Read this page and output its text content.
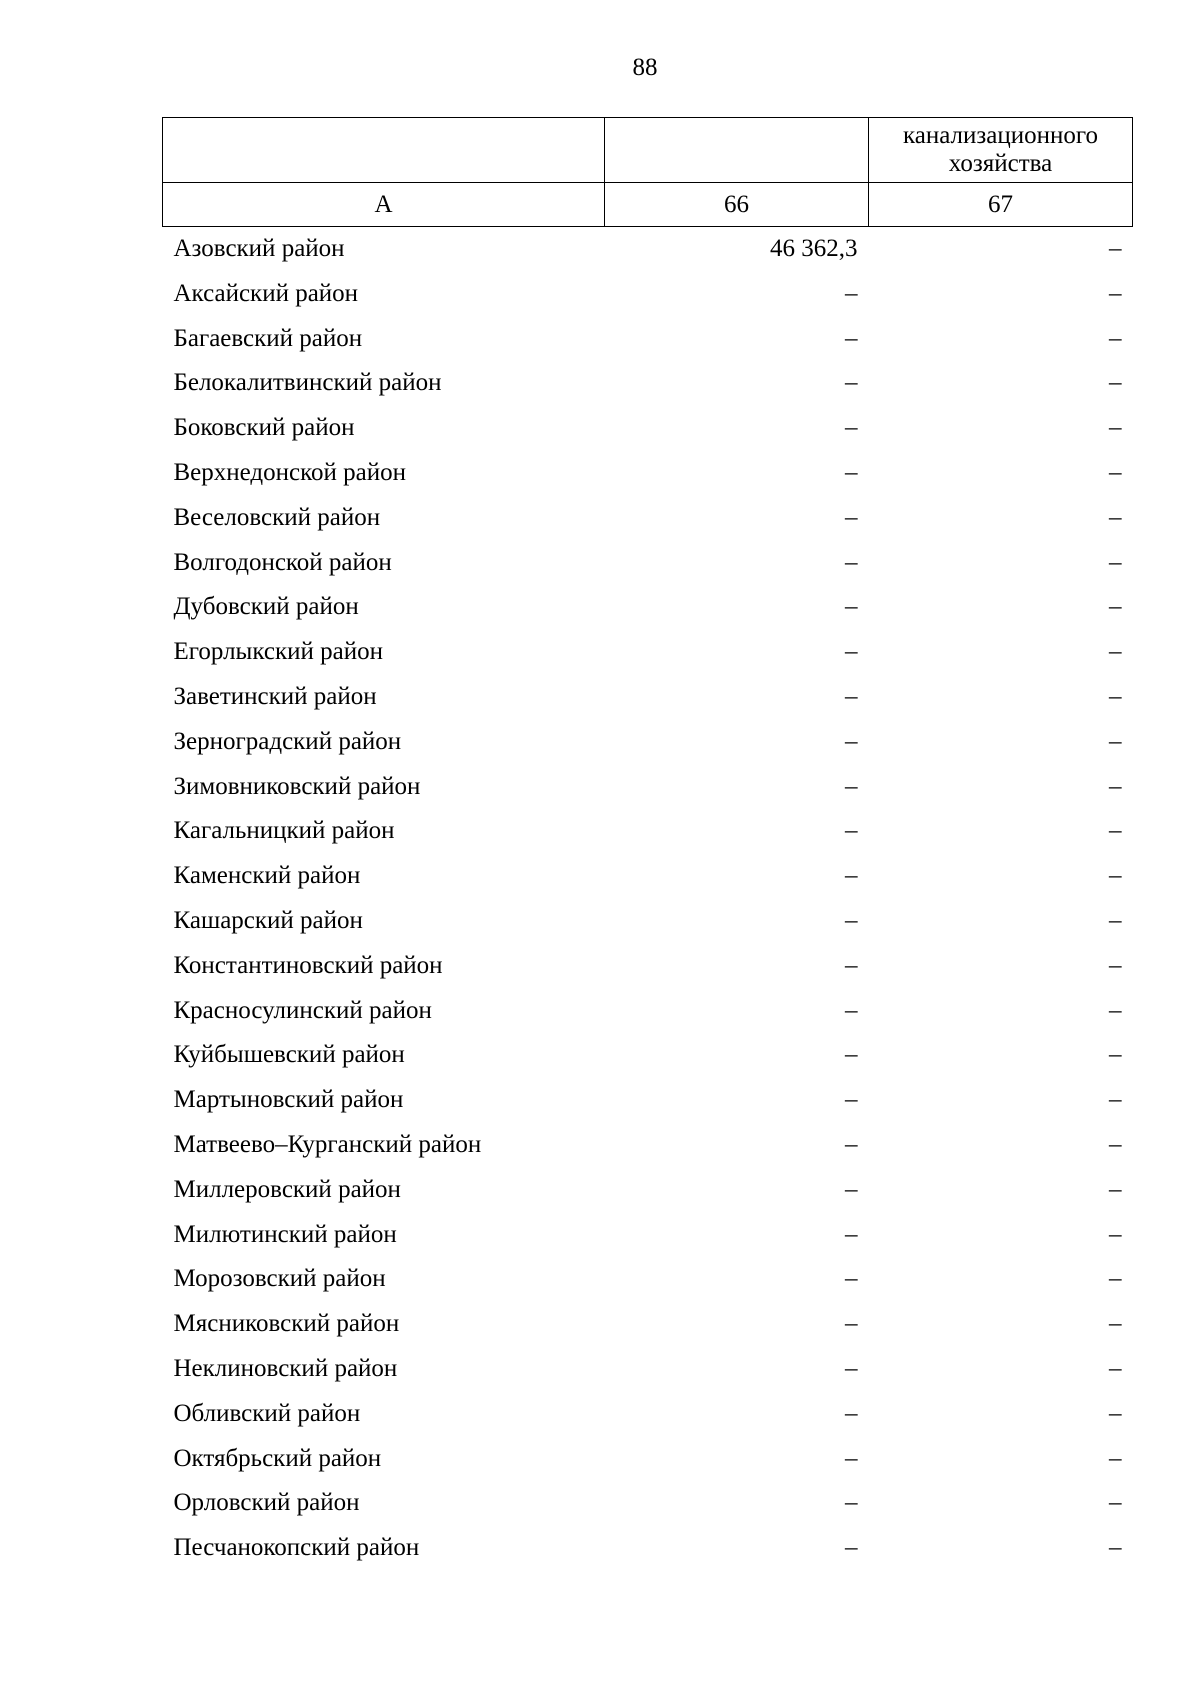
88
		канализационного хозяйства
А	66	67
Азовский район	46 362,3	–
Аксайский район	–	–
Багаевский район	–	–
Белокалитвинский район	–	–
Боковский район	–	–
Верхнедонской район	–	–
Веселовский район	–	–
Волгодонской район	–	–
Дубовский район	–	–
Егорлыкский район	–	–
Заветинский район	–	–
Зерноградский район	–	–
Зимовниковский район	–	–
Кагальницкий район	–	–
Каменский район	–	–
Кашарский район	–	–
Константиновский район	–	–
Красносулинский район	–	–
Куйбышевский район	–	–
Мартыновский район	–	–
Матвеево–Курганский район	–	–
Миллеровский район	–	–
Милютинский район	–	–
Морозовский район	–	–
Мясниковский район	–	–
Неклиновский район	–	–
Обливский район	–	–
Октябрьский район	–	–
Орловский район	–	–
Песчанокопский район	–	–
